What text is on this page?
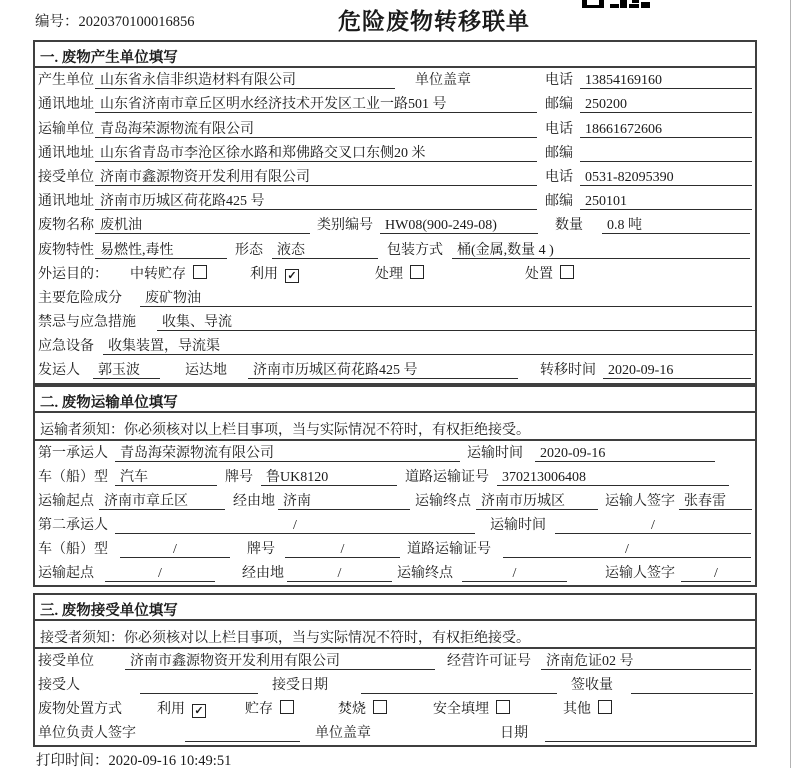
编号：2020370100016856	危险废物转移联单
一. 废物产生单位填写
产生单位 山东省永信非织造材料有限公司	单位盖章	电话 13854169160
通讯地址 山东省济南市章丘区明水经济技术开发区工业一路501 号	邮编 250200
运输单位 青岛海荣源物流有限公司	电话 18661672606
通讯地址 山东省青岛市李沧区徐水路和郑佛路交叉口东侧20 米	邮编
接受单位 济南市鑫源物资开发利用有限公司	电话 0531-82095390
通讯地址 济南市历城区荷花路425 号	邮编 250101
废物名称 废机油	类别编号 HW08(900-249-08)	数量	0.8 吨
废物特性 易燃性,毒性	形态	液态	包装方式	桶(金属,数量 4 )
外运目的： 中转贮存	利用 ✓	处理	处置
主要危险成分	废矿物油
禁忌与应急措施	收集、导流
应急设备	收集装置，导流渠
发运人	郭玉波	运达地	济南市历城区荷花路425 号	转移时间 2020-09-16
二. 废物运输单位填写
运输者须知：你必须核对以上栏目事项，当与实际情况不符时，有权拒绝接受。
第一承运人 青岛海荣源物流有限公司	运输时间	2020-09-16
车（船）型 汽车	牌号 鲁UK8120	道路运输证号 370213006408
运输起点 济南市章丘区	经由地 济南	运输终点 济南市历城区	运输人签字 张春雷
第二承运人	/	运输时间	/
车（船）型	/	牌号	/	道路运输证号	/
运输起点	/	经由地	/	运输终点	/	运输人签字	/
三. 废物接受单位填写
接受者须知：你必须核对以上栏目事项，当与实际情况不符时，有权拒绝接受。
接受单位	济南市鑫源物资开发利用有限公司	经营许可证号	济南危证02 号
接受人	接受日期	签收量
废物处置方式	利用 ✓	贮存	焚烧	安全填埋	其他
单位负责人签字	单位盖章	日期
打印时间：2020-09-16 10:49:51
